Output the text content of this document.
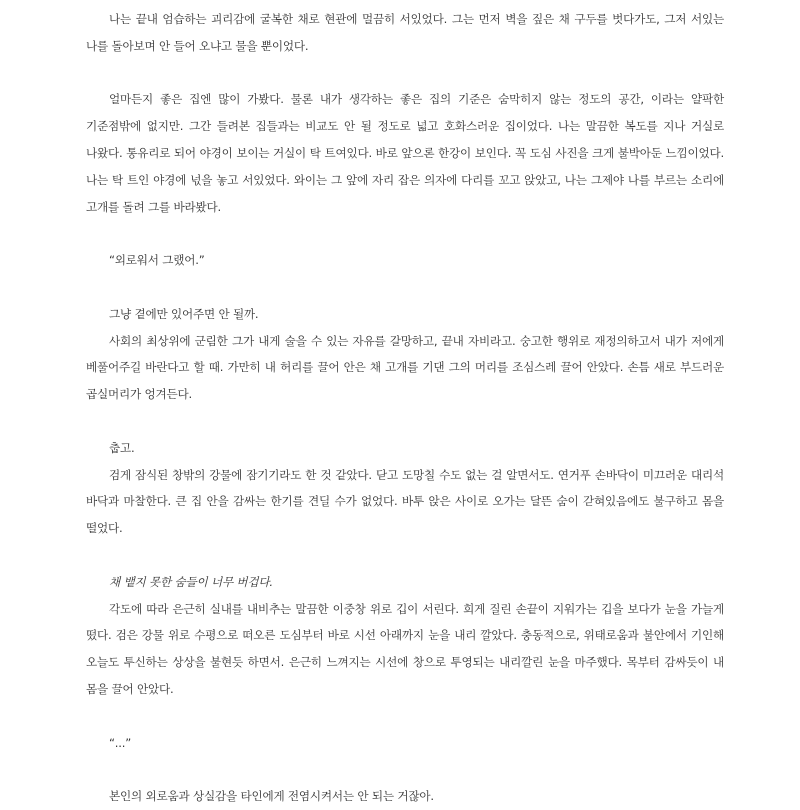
나는 끝내 엄습하는 괴리감에 굴복한 채로 현관에 멀끔히 서있었다. 그는 먼저 벽을 짚은 채 구두를 벗다가도, 그저 서있는 나를 돌아보며 안 들어 오냐고 물을 뿐이었다.

얼마든지 좋은 집엔 많이 가봤다. 물론 내가 생각하는 좋은 집의 기준은 숨막히지 않는 정도의 공간, 이라는 얄팍한 기준점밖에 없지만. 그간 들려본 집들과는 비교도 안 될 정도로 넓고 호화스러운 집이었다. 나는 말끔한 복도를 지나 거실로 나왔다. 통유리로 되어 야경이 보이는 거실이 탁 트여있다. 바로 앞으론 한강이 보인다. 꼭 도심 사진을 크게 불박아둔 느낌이었다. 나는 탁 트인 야경에 넋을 놓고 서있었다. 와이는 그 앞에 자리 잡은 의자에 다리를 꼬고 앉았고, 나는 그제야 나를 부르는 소리에 고개를 돌려 그를 바라봤다.

“외로워서 그랬어.”

그냥 곁에만 있어주면 안 될까.

사회의 최상위에 군림한 그가 내게 술을 수 있는 자유를 갈망하고, 끝내 자비라고. 숭고한 행위로 재정의하고서 내가 저에게 베풀어주길 바란다고 할 때. 가만히 내 허리를 끌어 안은 채 고개를 기댄 그의 머리를 조심스레 끌어 안았다. 손틈 새로 부드러운 곱실머리가 엉겨든다.

춥고.

검게 잠식된 창밖의 강물에 잠기기라도 한 것 같았다. 닫고 도망칠 수도 없는 걸 알면서도. 연거푸 손바닥이 미끄러운 대리석 바닥과 마찰한다. 큰 집 안을 감싸는 한기를 견딜 수가 없었다. 바투 앉은 사이로 오가는 달뜬 숨이 갇혀있음에도 불구하고 몸을 떨었다.

채 뱉지 못한 숨들이 너무 버겁다.

각도에 따라 은근히 실내를 내비추는 말끔한 이중창 위로 깁이 서린다. 희게 질린 손끝이 지워가는 깁을 보다가 눈을 가늘게 떴다. 검은 강물 위로 수평으로 떠오른 도심부터 바로 시선 아래까지 눈을 내리 깔았다. 충동적으로, 위태로움과 불안에서 기인해 오늘도 투신하는 상상을 불현듯 하면서. 은근히 느껴지는 시선에 창으로 투영되는 내리깔린 눈을 마주했다. 목부터 감싸듯이 내 몸을 끌어 안았다.

“...”

본인의 외로움과 상실감을 타인에게 전염시켜서는 안 되는 거잖아.
